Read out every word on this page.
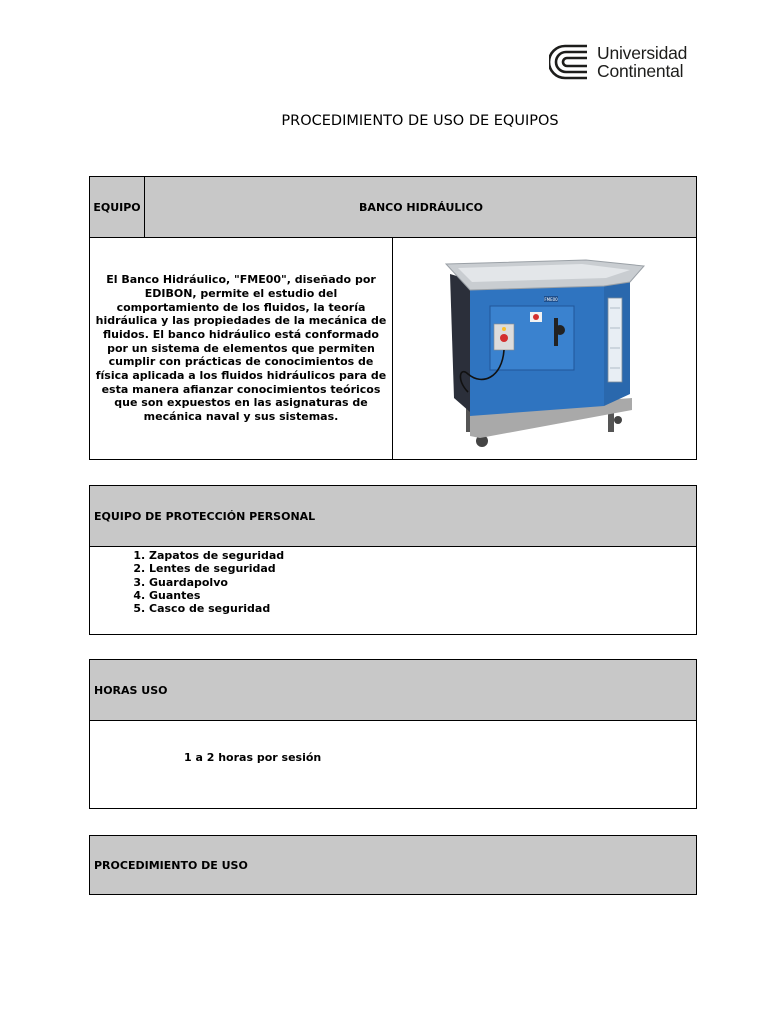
Universidad
Continental
PROCEDIMIENTO DE USO DE EQUIPOS
EQUIPO	BANCO HIDRÁULICO

El Banco Hidráulico, "FME00", diseñado por EDIBON, permite el estudio del comportamiento de los fluidos, la teoría hidráulica y las propiedades de la mecánica de fluidos. El banco hidráulico está conformado por un sistema de elementos que permiten cumplir con prácticas de conocimientos de física aplicada a los fluidos hidráulicos para de esta manera afianzar conocimientos teóricos que son expuestos en las asignaturas de mecánica naval y sus sistemas.

FME00
EQUIPO DE PROTECCIÓN PERSONAL
1. Zapatos de seguridad
2. Lentes de seguridad
3. Guardapolvo
4. Guantes
5. Casco de seguridad
HORAS USO
1 a 2 horas por sesión
PROCEDIMIENTO DE USO
